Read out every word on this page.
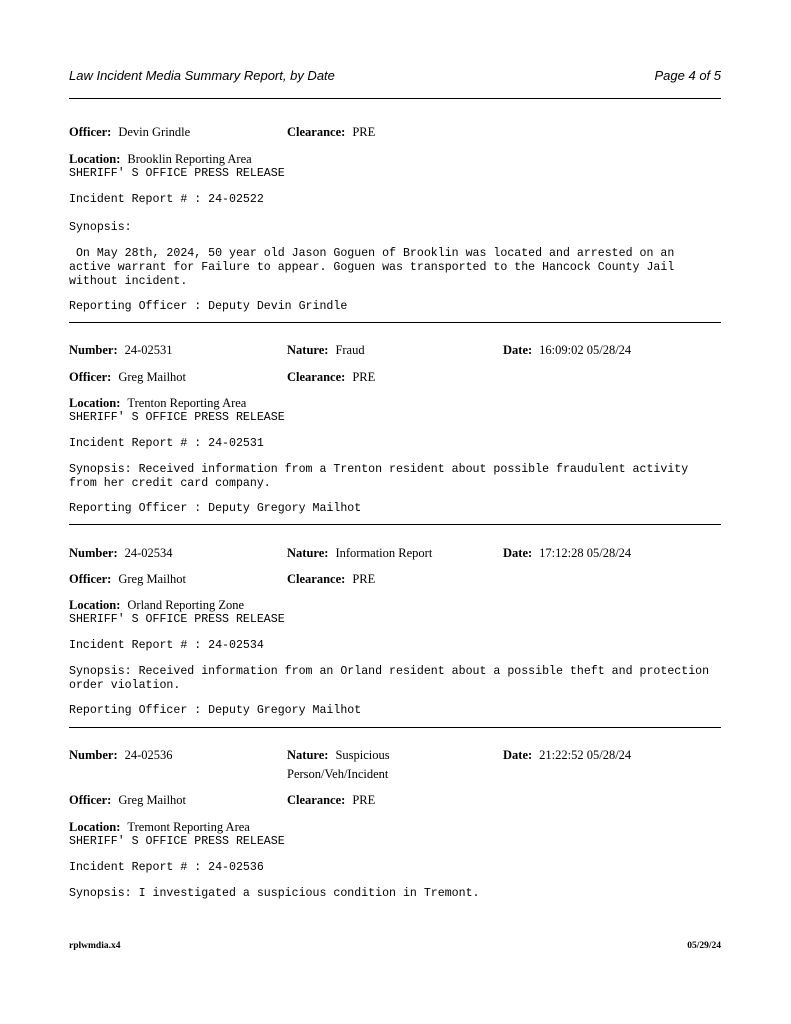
Law Incident Media Summary Report, by Date	Page 4 of 5
Officer: Devin Grindle	Clearance: PRE
Location: Brooklin Reporting Area
SHERIFF' S OFFICE PRESS RELEASE
Incident Report # : 24-02522
Synopsis:
On May 28th, 2024, 50 year old Jason Goguen of Brooklin was located and arrested on an
active warrant for Failure to appear. Goguen was transported to the Hancock County Jail
without incident.
Reporting Officer : Deputy Devin Grindle
Number: 24-02531	Nature: Fraud	Date: 16:09:02 05/28/24
Officer: Greg Mailhot	Clearance: PRE
Location: Trenton Reporting Area
SHERIFF' S OFFICE PRESS RELEASE
Incident Report # : 24-02531
Synopsis: Received information from a Trenton resident about possible fraudulent activity
from her credit card company.
Reporting Officer : Deputy Gregory Mailhot
Number: 24-02534	Nature: Information Report	Date: 17:12:28 05/28/24
Officer: Greg Mailhot	Clearance: PRE
Location: Orland Reporting Zone
SHERIFF' S OFFICE PRESS RELEASE
Incident Report # : 24-02534
Synopsis: Received information from an Orland resident about a possible theft and protection
order violation.
Reporting Officer : Deputy Gregory Mailhot
Number: 24-02536	Nature: Suspicious
Person/Veh/Incident
Date: 21:22:52 05/28/24
Officer: Greg Mailhot	Clearance: PRE
Location: Tremont Reporting Area
SHERIFF' S OFFICE PRESS RELEASE
Incident Report # : 24-02536
Synopsis: I investigated a suspicious condition in Tremont.
rplwmdia.x4	05/29/24
